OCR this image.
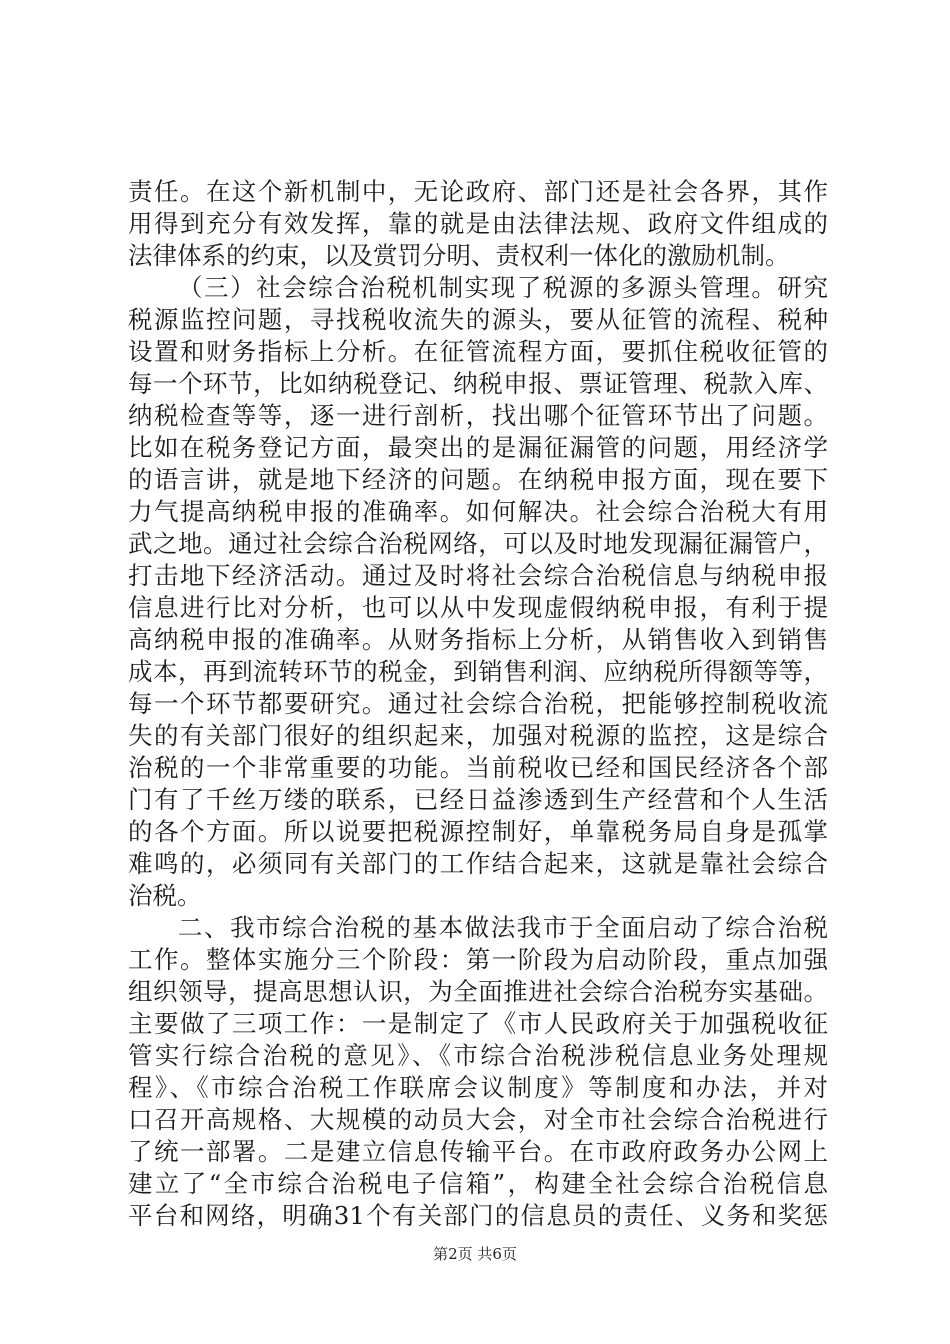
责任。在这个新机制中，无论政府、部门还是社会各界，其作
用得到充分有效发挥，靠的就是由法律法规、政府文件组成的
法律体系的约束，以及赏罚分明、责权利一体化的激励机制。
（三）社会综合治税机制实现了税源的多源头管理。研究
税源监控问题，寻找税收流失的源头，要从征管的流程、税种
设置和财务指标上分析。在征管流程方面，要抓住税收征管的
每一个环节，比如纳税登记、纳税申报、票证管理、税款入库、
纳税检查等等，逐一进行剖析，找出哪个征管环节出了问题。
比如在税务登记方面，最突出的是漏征漏管的问题，用经济学
的语言讲，就是地下经济的问题。在纳税申报方面，现在要下
力气提高纳税申报的准确率。如何解决。社会综合治税大有用
武之地。通过社会综合治税网络，可以及时地发现漏征漏管户，
打击地下经济活动。通过及时将社会综合治税信息与纳税申报
信息进行比对分析，也可以从中发现虚假纳税申报，有利于提
高纳税申报的准确率。从财务指标上分析，从销售收入到销售
成本，再到流转环节的税金，到销售利润、应纳税所得额等等，
每一个环节都要研究。通过社会综合治税，把能够控制税收流
失的有关部门很好的组织起来，加强对税源的监控，这是综合
治税的一个非常重要的功能。当前税收已经和国民经济各个部
门有了千丝万缕的联系，已经日益渗透到生产经营和个人生活
的各个方面。所以说要把税源控制好，单靠税务局自身是孤掌
难鸣的，必须同有关部门的工作结合起来，这就是靠社会综合
治税。
二、我市综合治税的基本做法我市于全面启动了综合治税
工作。整体实施分三个阶段：第一阶段为启动阶段，重点加强
组织领导，提高思想认识，为全面推进社会综合治税夯实基础。
主要做了三项工作：一是制定了《市人民政府关于加强税收征
管实行综合治税的意见》、《市综合治税涉税信息业务处理规
程》、《市综合治税工作联席会议制度》等制度和办法，并对
口召开高规格、大规模的动员大会，对全市社会综合治税进行
了统一部署。二是建立信息传输平台。在市政府政务办公网上
建立了“全市综合治税电子信箱”，构建全社会综合治税信息
平台和网络，明确31个有关部门的信息员的责任、义务和奖惩
第2页 共6页
